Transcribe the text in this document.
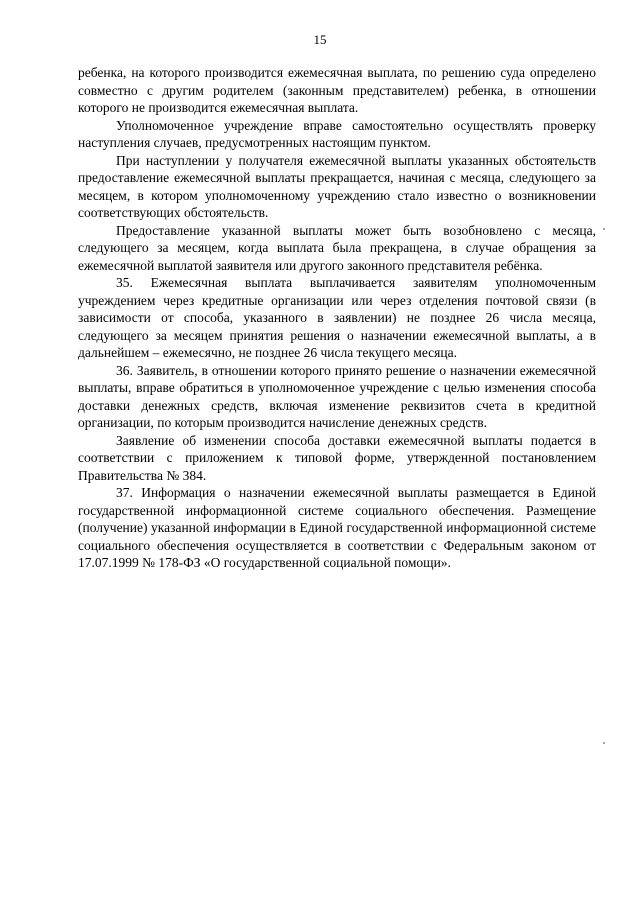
15

ребенка, на которого производится ежемесячная выплата, по решению суда определено совместно с другим родителем (законным представителем) ребенка, в отношении которого не производится ежемесячная выплата.

Уполномоченное учреждение вправе самостоятельно осуществлять проверку наступления случаев, предусмотренных настоящим пунктом.

При наступлении у получателя ежемесячной выплаты указанных обстоятельств предоставление ежемесячной выплаты прекращается, начиная с месяца, следующего за месяцем, в котором уполномоченному учреждению стало известно о возникновении соответствующих обстоятельств.

Предоставление указанной выплаты может быть возобновлено с месяца, следующего за месяцем, когда выплата была прекращена, в случае обращения за ежемесячной выплатой заявителя или другого законного представителя ребёнка.

35. Ежемесячная выплата выплачивается заявителям уполномоченным учреждением через кредитные организации или через отделения почтовой связи (в зависимости от способа, указанного в заявлении) не позднее 26 числа месяца, следующего за месяцем принятия решения о назначении ежемесячной выплаты, а в дальнейшем – ежемесячно, не позднее 26 числа текущего месяца.

36. Заявитель, в отношении которого принято решение о назначении ежемесячной выплаты, вправе обратиться в уполномоченное учреждение с целью изменения способа доставки денежных средств, включая изменение реквизитов счета в кредитной организации, по которым производится начисление денежных средств.

Заявление об изменении способа доставки ежемесячной выплаты подается в соответствии с приложением к типовой форме, утвержденной постановлением Правительства № 384.

37. Информация о назначении ежемесячной выплаты размещается в Единой государственной информационной системе социального обеспечения. Размещение (получение) указанной информации в Единой государственной информационной системе социального обеспечения осуществляется в соответствии с Федеральным законом от 17.07.1999 № 178-ФЗ «О государственной социальной помощи».
